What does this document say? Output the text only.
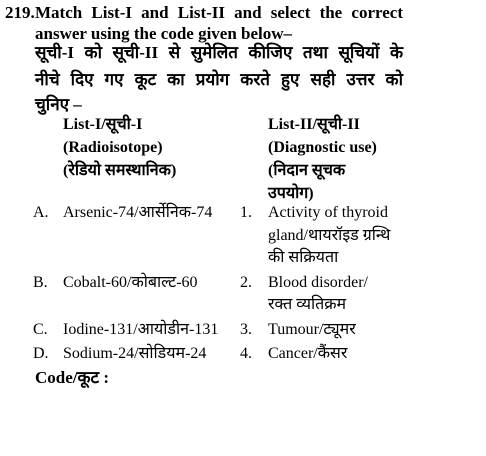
219. Match List-I and List-II and select the correct
answer using the code given below–
सूची-I को सूची-II से सुमेलित कीजिए तथा सूचियों के
नीचे दिए गए कूट का प्रयोग करते हुए सही उत्तर को
चुनिए –
List-I/सूची-I
(Radioisotope)
(रेडियो समस्थानिक)
List-II/सूची-II
(Diagnostic use)
(निदान सूचक
उपयोग)
A. Arsenic-74/आर्सेनिक-74 1. Activity of thyroid
gland/थायरॉइड ग्रन्थि
की सक्रियता
B. Cobalt-60/कोबाल्ट-60	2. Blood disorder/
रक्त व्यतिक्रम
C. Iodine-131/आयोडीन-131 3. Tumour/ट्यूमर
D. Sodium-24/सोडियम-24 4. Cancer/कैंसर
Code/कूट :
